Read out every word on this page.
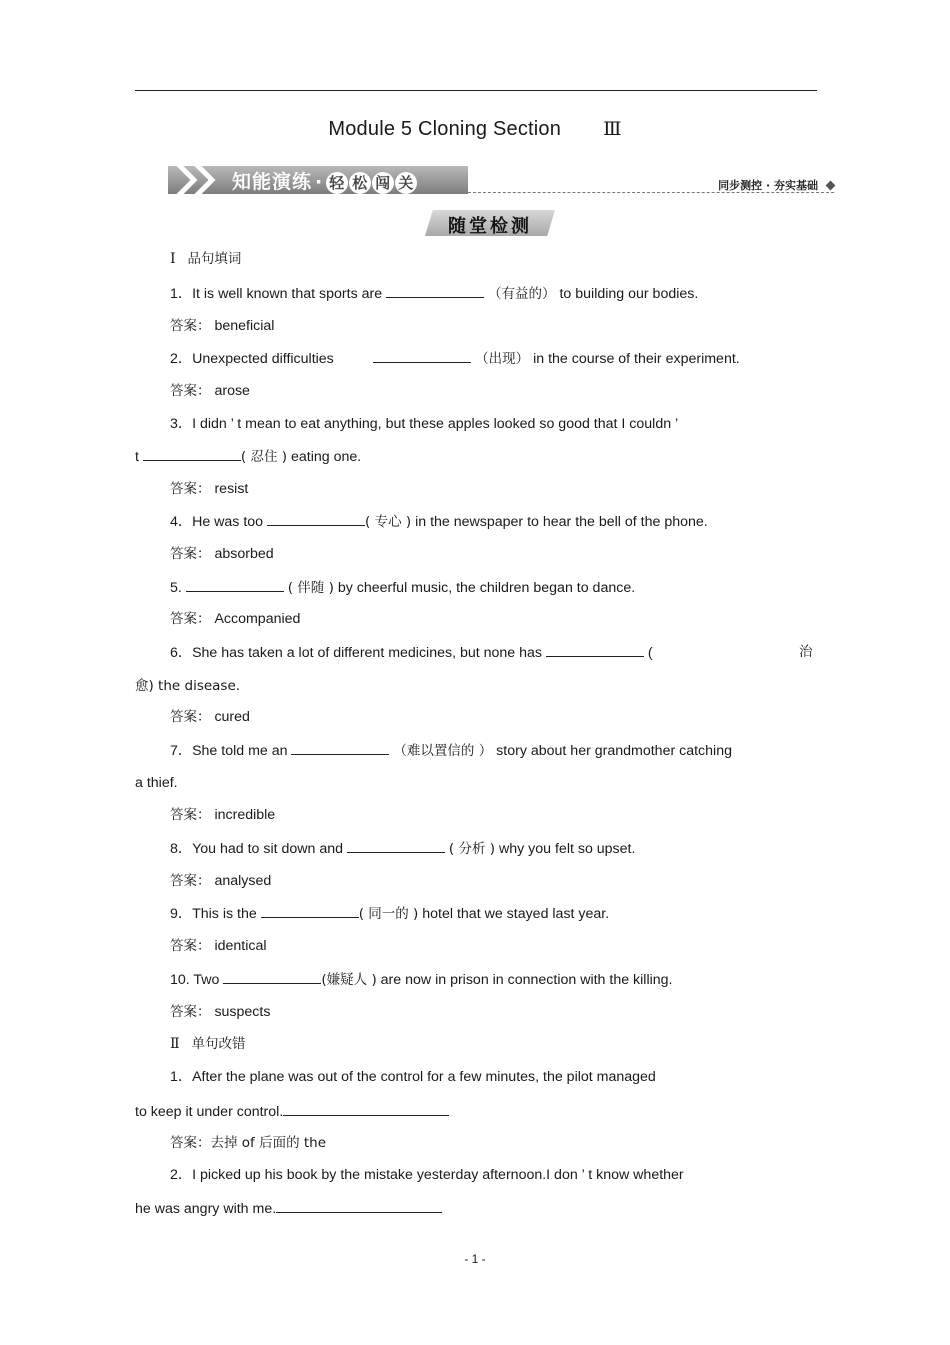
Module 5 Cloning Section Ⅲ
知能演练 · 轻 松 闯 关	同步测控 · 夯实基础
随堂检测
Ⅰ 品句填词
1．It is well known that sports are	（有益的） to building our bodies.
答案： beneficial
2．Unexpected difficulties	（出现） in the course of their experiment.
答案： arose
3．I didn ’ t mean to eat anything, but these apples looked so good that I couldn ’
t	( 忍住 ) eating one.
答案： resist
4．He was too	( 专心 ) in the newspaper to hear the bell of the phone.
答案： absorbed
5.	( 伴随 ) by cheerful music, the children began to dance.
答案： Accompanied
6．She has taken a lot of different medicines, but none has	(	治
愈) the disease.
答案： cured
7．She told me an	（难以置信的 ） story about her grandmother catching
a thief.
答案： incredible
8．You had to sit down and	( 分析 ) why you felt so upset.
答案： analysed
9．This is the	( 同一的 ) hotel that we stayed last year.
答案： identical
10. Two	(嫌疑人 ) are now in prison in connection with the killing.
答案： suspects
Ⅱ 单句改错
1．After the plane was out of the control for a few minutes, the pilot managed
to keep it under control.
答案：去掉 of 后面的 the
2．I picked up his book by the mistake yesterday afternoon.I don ’ t know whether
he was angry with me.
- 1 -
